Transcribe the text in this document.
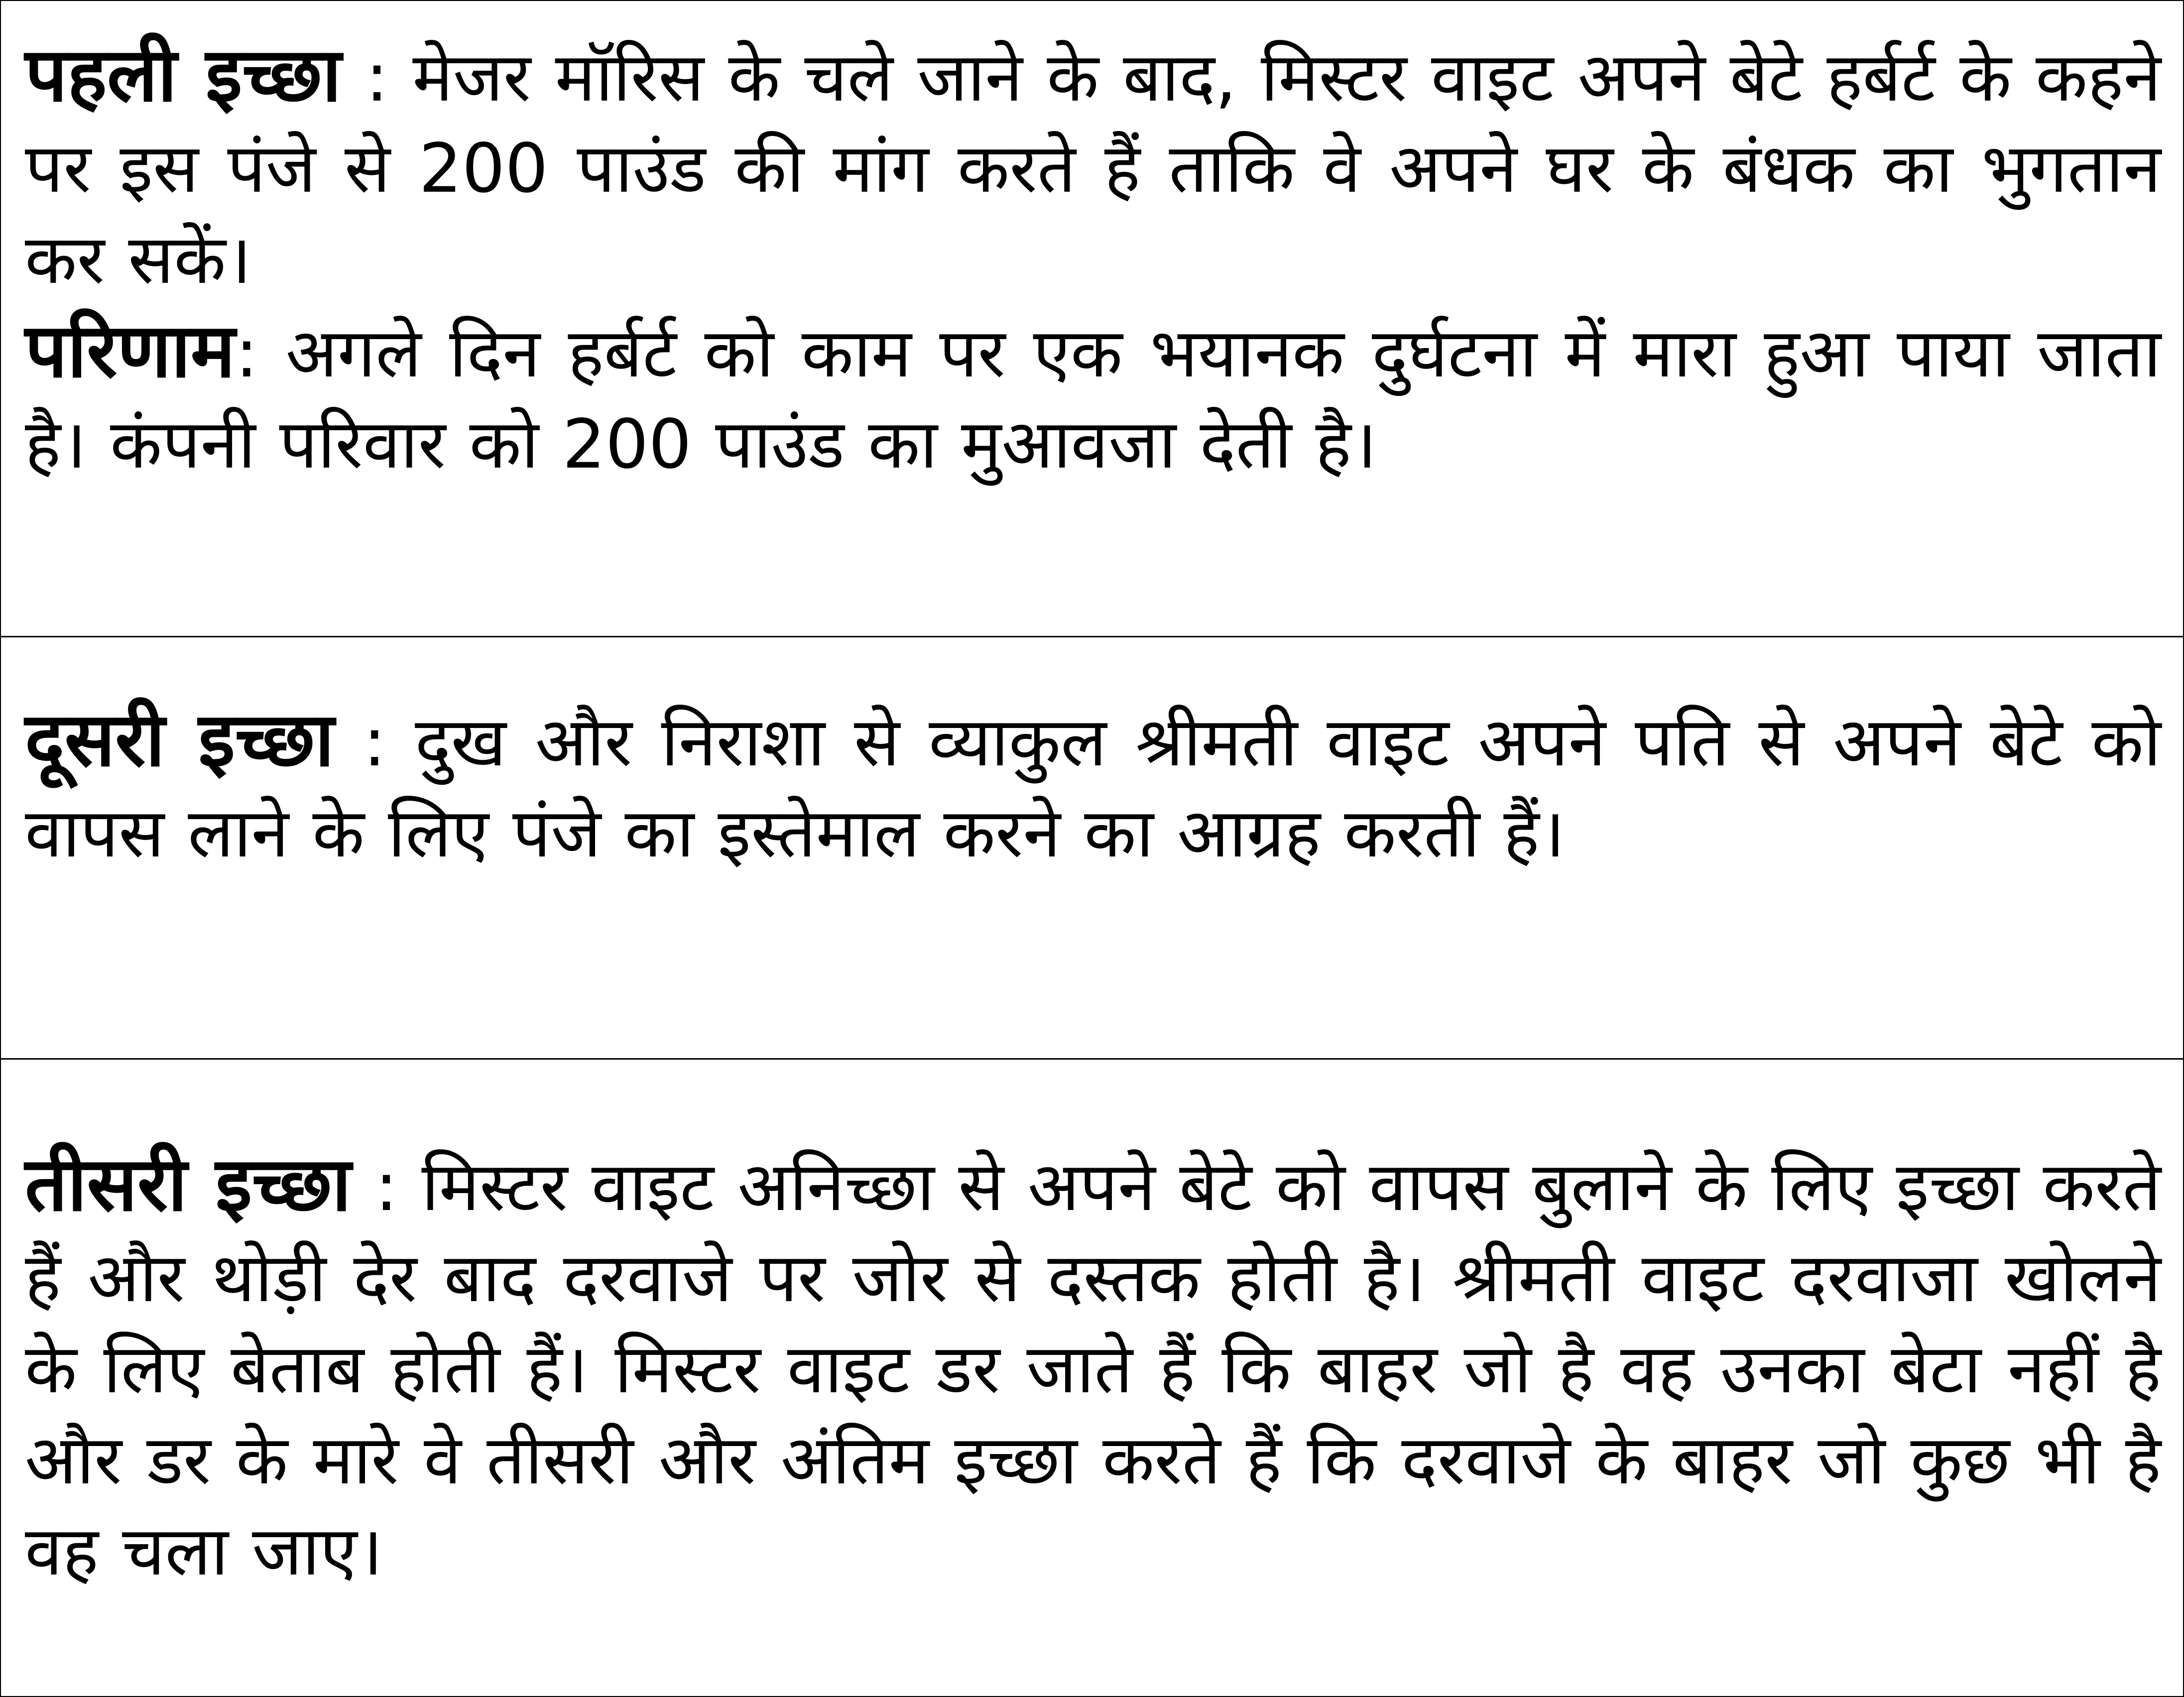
पहली इच्छा : मेजर मॉरिस के चले जाने के बाद, मिस्टर वाइट अपने बेटे हर्बर्ट के कहने पर इस पंजे से 200 पाउंड की मांग करते हैं ताकि वे अपने घर के बंधक का भुगतान कर सकें।
परिणाम: अगले दिन हर्बर्ट को काम पर एक भयानक दुर्घटना में मारा हुआ पाया जाता है। कंपनी परिवार को 200 पाउंड का मुआवजा देती है।
दूसरी इच्छा : दुख और निराशा से व्याकुल श्रीमती वाइट अपने पति से अपने बेटे को वापस लाने के लिए पंजे का इस्तेमाल करने का आग्रह करती हैं।
तीसरी इच्छा : मिस्टर वाइट अनिच्छा से अपने बेटे को वापस बुलाने के लिए इच्छा करते हैं और थोड़ी देर बाद दरवाजे पर जोर से दस्तक होती है। श्रीमती वाइट दरवाजा खोलने के लिए बेताब होती हैं। मिस्टर वाइट डर जाते हैं कि बाहर जो है वह उनका बेटा नहीं है और डर के मारे वे तीसरी और अंतिम इच्छा करते हैं कि दरवाजे के बाहर जो कुछ भी है वह चला जाए।
